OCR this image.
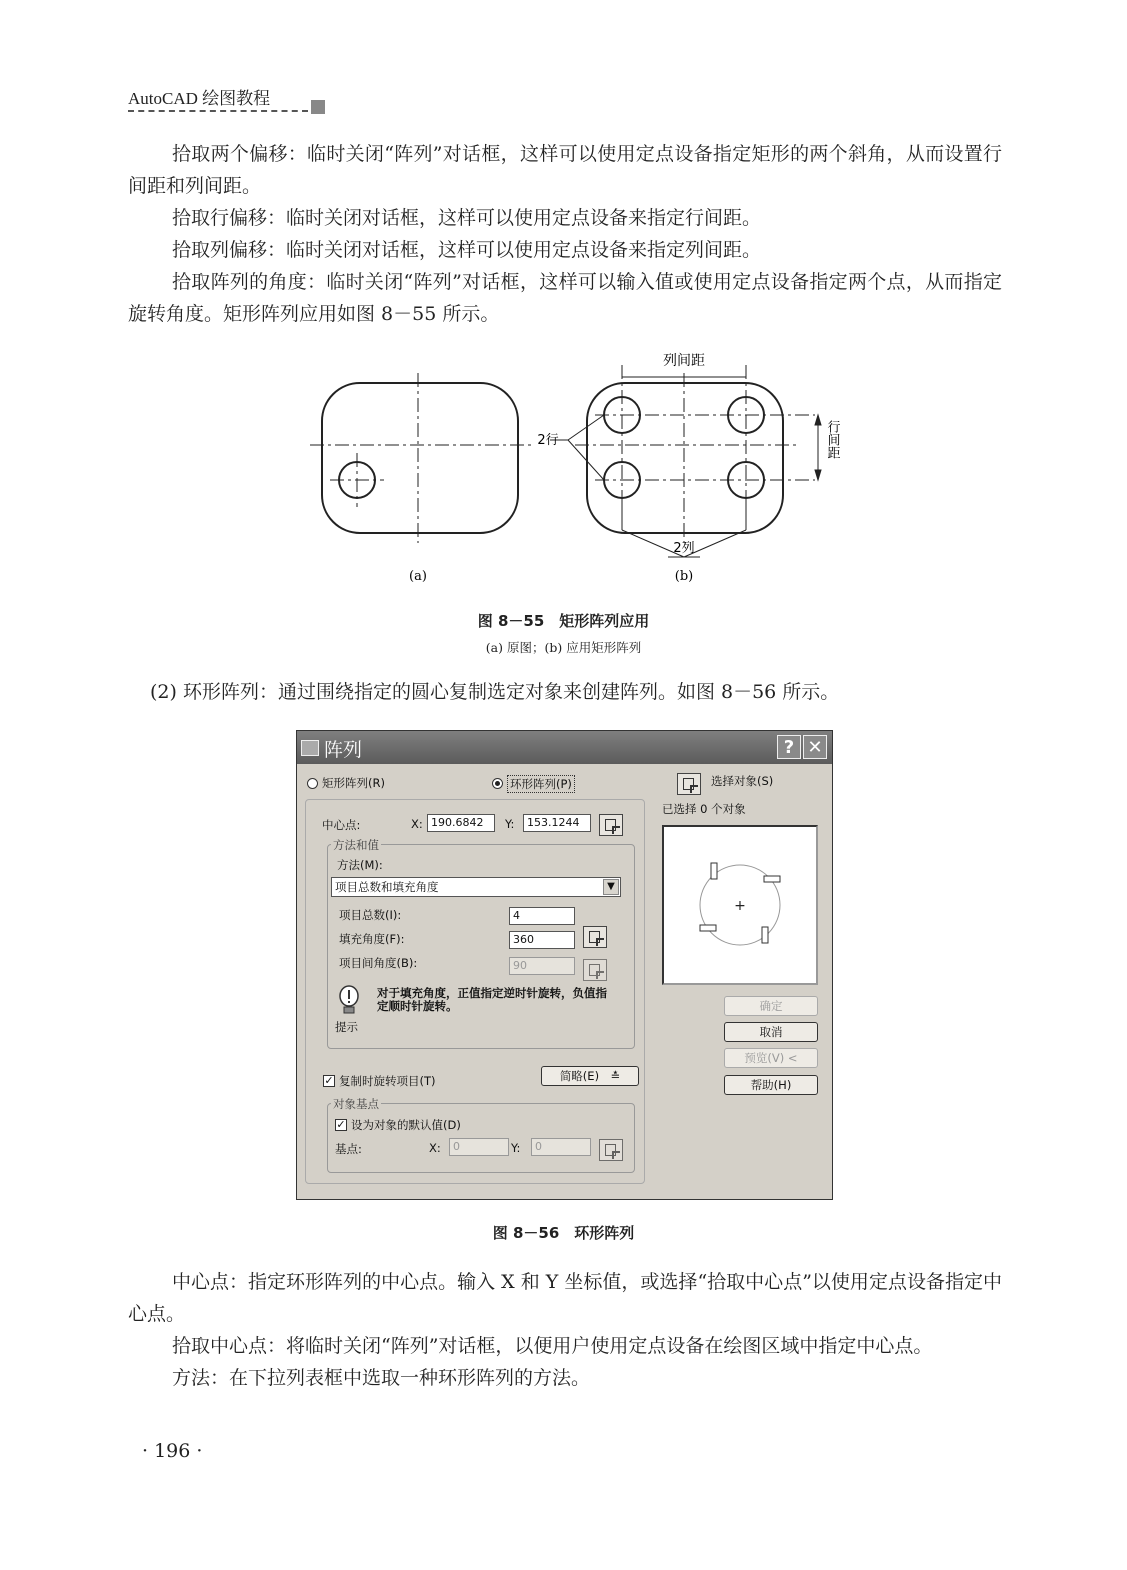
AutoCAD 绘图教程

拾取两个偏移：临时关闭“阵列”对话框，这样可以使用定点设备指定矩形的两个斜角，从而设置行间距和列间距。

拾取行偏移：临时关闭对话框，这样可以使用定点设备来指定行间距。

拾取列偏移：临时关闭对话框，这样可以使用定点设备来指定列间距。

拾取阵列的角度：临时关闭“阵列”对话框，这样可以输入值或使用定点设备指定两个点，从而指定旋转角度。矩形阵列应用如图 8－55 所示。

列间距
2行
2列
行间距
(a)	(b)
图 8－55　矩形阵列应用
(a) 原图；(b) 应用矩形阵列

(2) 环形阵列：通过围绕指定的圆心复制选定对象来创建阵列。如图 8－56 所示。

阵列	? ✕
矩形阵列(R)	环形阵列(P)	选择对象(S)
已选择 0 个对象
中心点:	X: 190.6842	Y:	153.1244
方法和值
方法(M):
项目总数和填充角度	▼
项目总数(I):	4
填充角度(F):	360
项目间角度(B):	90
对于填充角度，正值指定逆时针旋转，负值指定顺时针旋转。
提示
✓ 复制时旋转项目(T)	简略(E)　≛
对象基点
✓ 设为对象的默认值(D)
基点:	X:	0	Y:	0
+
确定
取消
预览(V) <
帮助(H)
图 8－56　环形阵列

中心点：指定环形阵列的中心点。输入 X 和 Y 坐标值，或选择“拾取中心点”以使用定点设备指定中心点。

拾取中心点：将临时关闭“阵列”对话框，以便用户使用定点设备在绘图区域中指定中心点。

方法：在下拉列表框中选取一种环形阵列的方法。

· 196 ·
